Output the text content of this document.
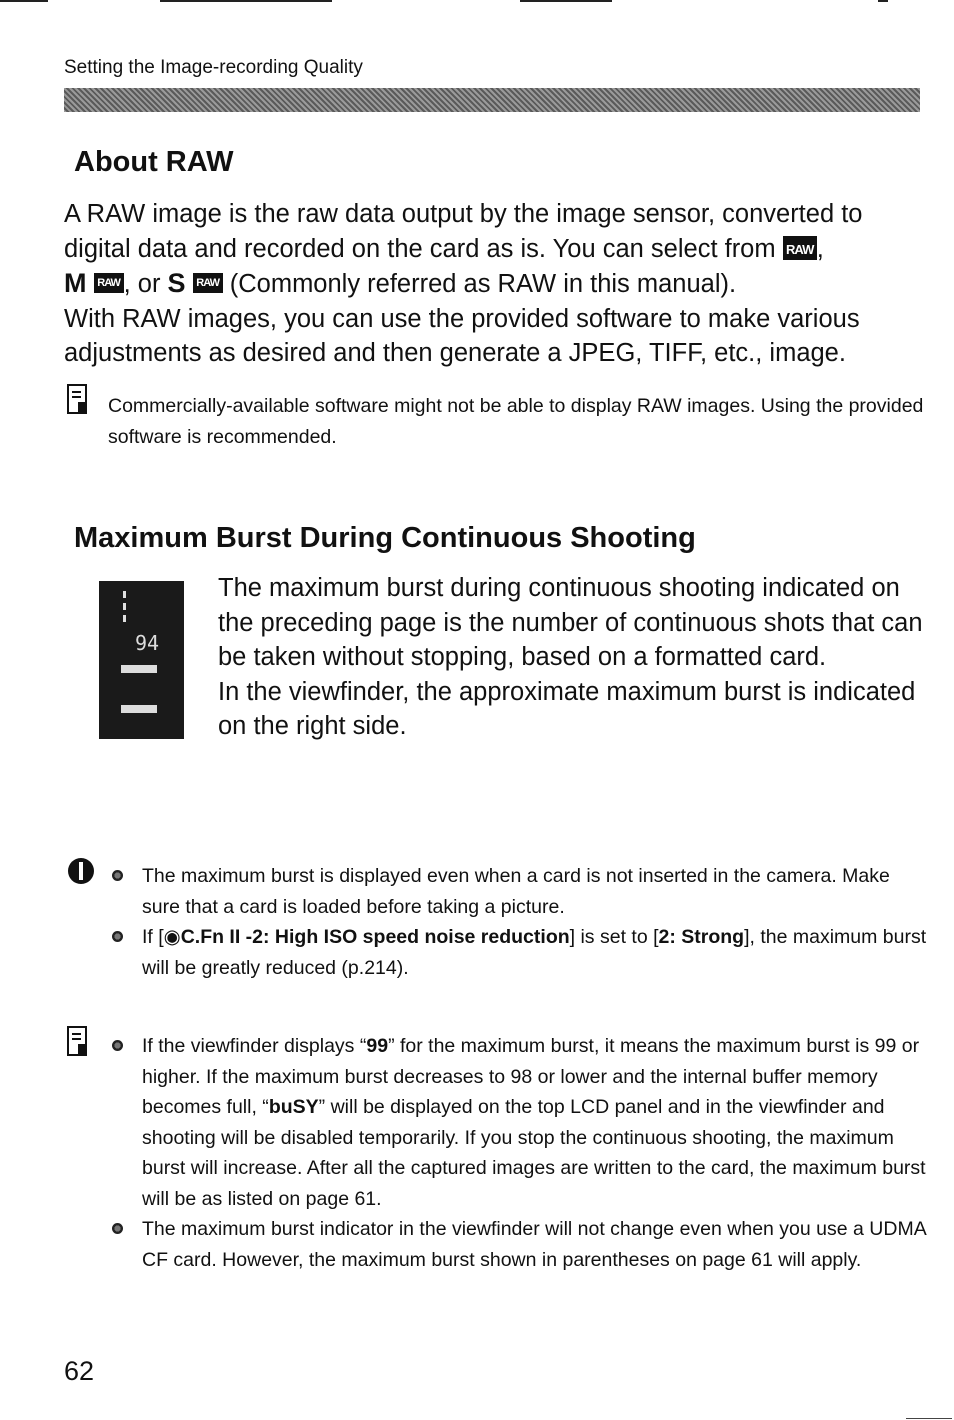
Setting the Image-recording Quality
About RAW
A RAW image is the raw data output by the image sensor, converted to digital data and recorded on the card as is. You can select from RAW ,
M RAW , or S RAW (Commonly referred as RAW in this manual).
With RAW images, you can use the provided software to make various adjustments as desired and then generate a JPEG, TIFF, etc., image.
Commercially-available software might not be able to display RAW images. Using the provided software is recommended.
Maximum Burst During Continuous Shooting
94
The maximum burst during continuous shooting indicated on the preceding page is the number of continuous shots that can be taken without stopping, based on a formatted card.
In the viewfinder, the approximate maximum burst is indicated on the right side.
The maximum burst is displayed even when a card is not inserted in the camera. Make sure that a card is loaded before taking a picture.
If [◉C.Fn II -2: High ISO speed noise reduction] is set to [2: Strong], the maximum burst will be greatly reduced (p.214).
If the viewfinder displays “99” for the maximum burst, it means the maximum burst is 99 or higher. If the maximum burst decreases to 98 or lower and the internal buffer memory becomes full, “buSY” will be displayed on the top LCD panel and in the viewfinder and shooting will be disabled temporarily. If you stop the continuous shooting, the maximum burst will increase. After all the captured images are written to the card, the maximum burst will be as listed on page 61.
The maximum burst indicator in the viewfinder will not change even when you use a UDMA CF card. However, the maximum burst shown in parentheses on page 61 will apply.
62
